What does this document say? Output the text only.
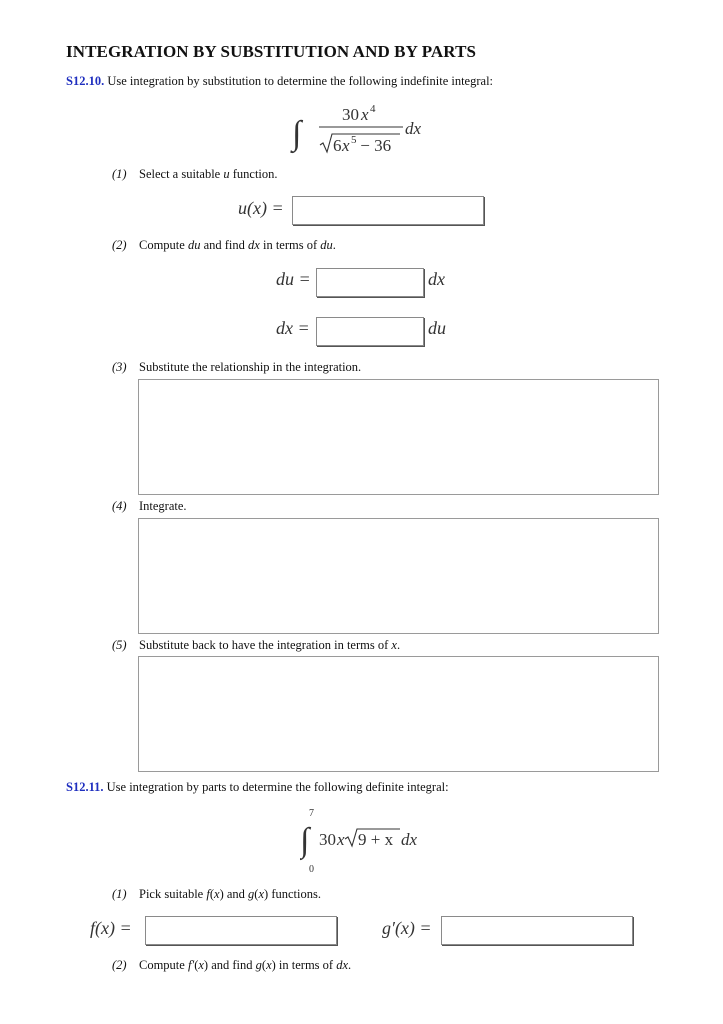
INTEGRATION BY SUBSTITUTION AND BY PARTS
S12.10. Use integration by substitution to determine the following indefinite integral:
∫
30 x 4
6 x 5 − 36
dx
(1) Select a suitable u function.
u(x) =
(2) Compute du and find dx in terms of du.
du =	dx
dx =	du
(3) Substitute the relationship in the integration.
(4) Integrate.
(5) Substitute back to have the integration in terms of x.
S12.11. Use integration by parts to determine the following definite integral:
7
∫
0
30 x 9 + x dx
(1) Pick suitable f(x) and g(x) functions.
f(x) =	g′(x) =
(2) Compute f′(x) and find g(x) in terms of dx.
